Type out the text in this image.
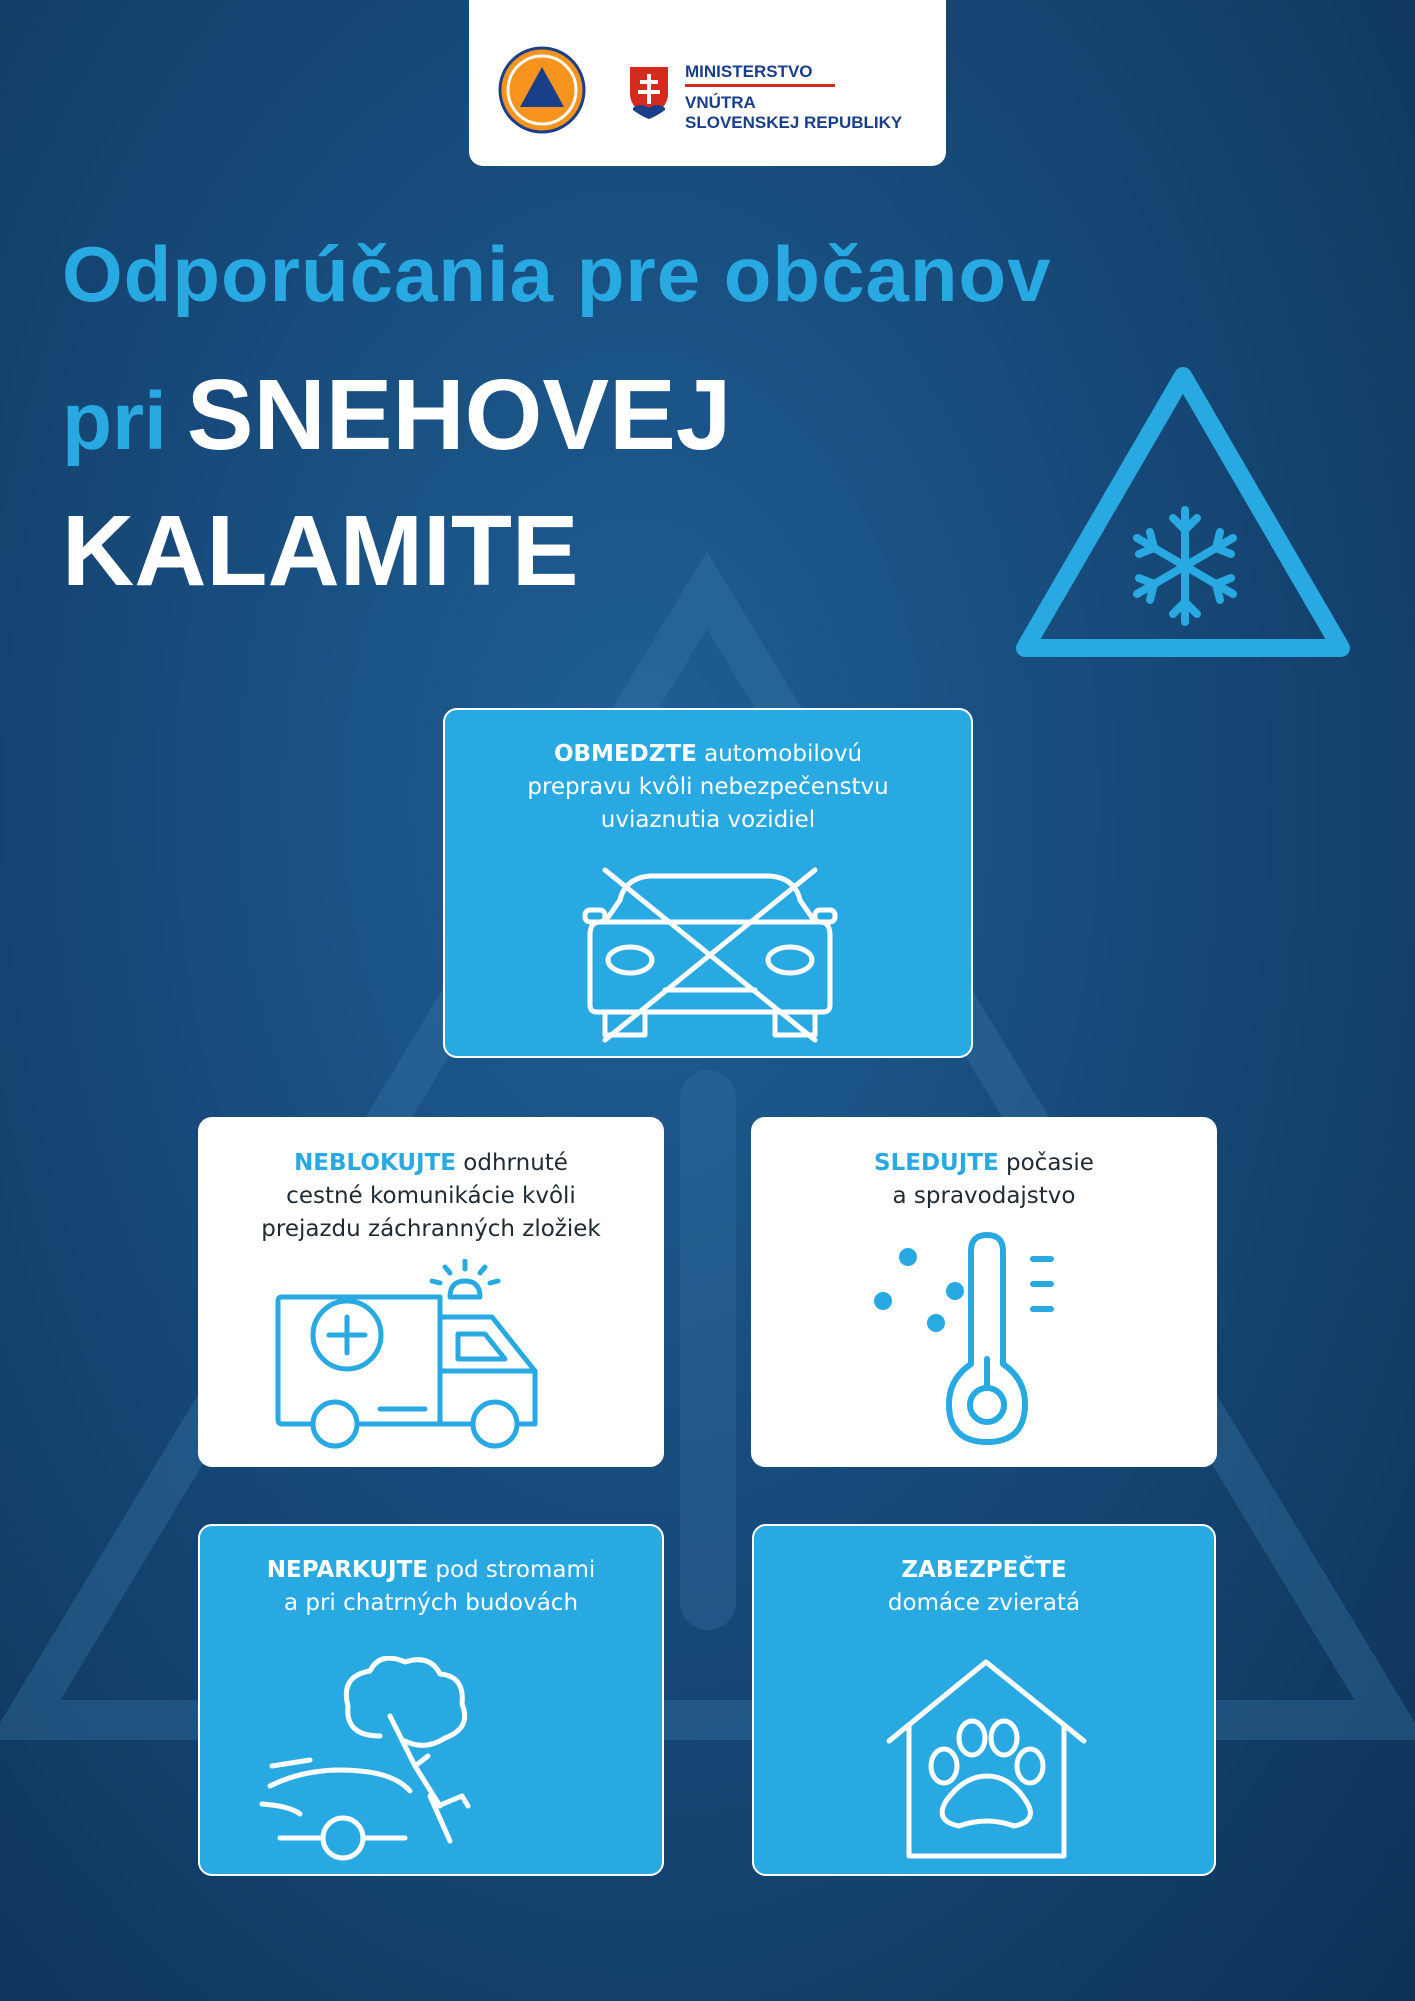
MINISTERSTVO
VNÚTRA
SLOVENSKEJ REPUBLIKY
Odporúčania pre občanov
pri SNEHOVEJ
KALAMITE
OBMEDZTE automobilovú
prepravu kvôli nebezpečenstvu
uviaznutia vozidiel
NEBLOKUJTE odhrnuté
cestné komunikácie kvôli
prejazdu záchranných zložiek
SLEDUJTE počasie
a spravodajstvo
NEPARKUJTE pod stromami
a pri chatrných budovách
ZABEZPEČTE
domáce zvieratá
